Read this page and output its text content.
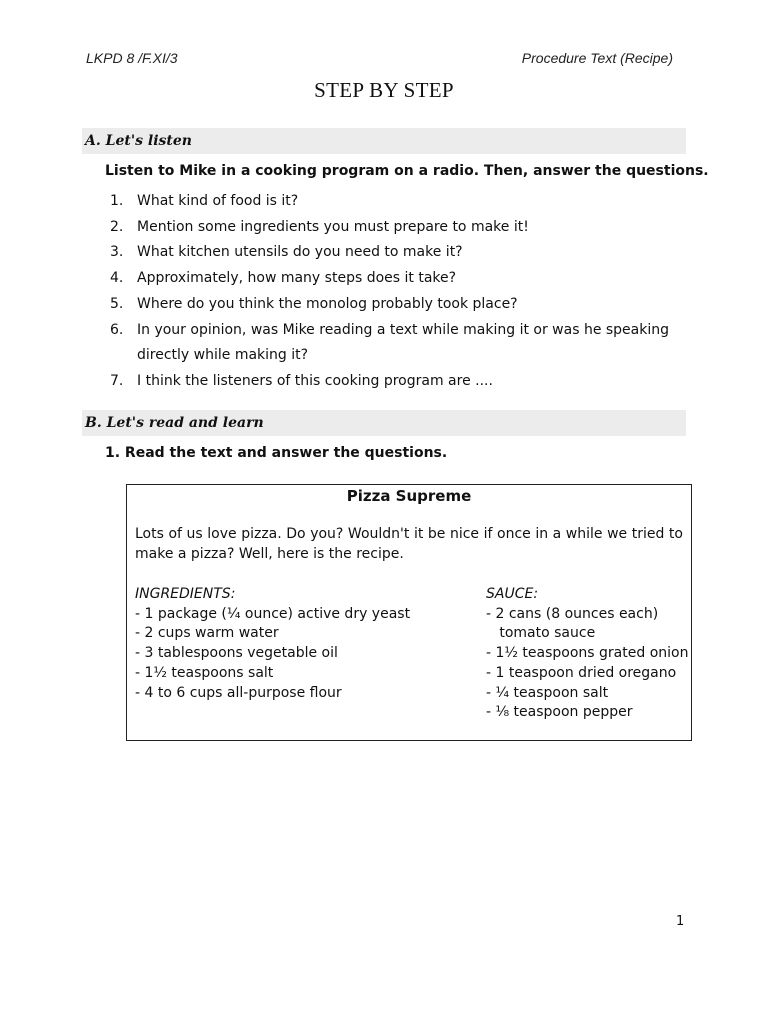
LKPD 8 /F.XI/3	Procedure Text (Recipe)
STEP BY STEP
A. Let's listen
Listen to Mike in a cooking program on a radio. Then, answer the questions.
1. What kind of food is it?
2. Mention some ingredients you must prepare to make it!
3. What kitchen utensils do you need to make it?
4. Approximately, how many steps does it take?
5. Where do you think the monolog probably took place?
6. In your opinion, was Mike reading a text while making it or was he speaking directly while making it?
7. I think the listeners of this cooking program are ....
B. Let's read and learn
1. Read the text and answer the questions.
Pizza Supreme
Lots of us love pizza. Do you? Wouldn't it be nice if once in a while we tried to make a pizza? Well, here is the recipe.
INGREDIENTS:
- 1 package (¹⁄₄ ounce) active dry yeast
- 2 cups warm water
- 3 tablespoons vegetable oil
- 1¹⁄₂ teaspoons salt
- 4 to 6 cups all-purpose flour
SAUCE:
- 2 cans (8 ounces each)
tomato sauce
- 1¹⁄₂ teaspoons grated onion
- 1 teaspoon dried oregano
- ¹⁄₄ teaspoon salt
- ¹⁄₈ teaspoon pepper
1
